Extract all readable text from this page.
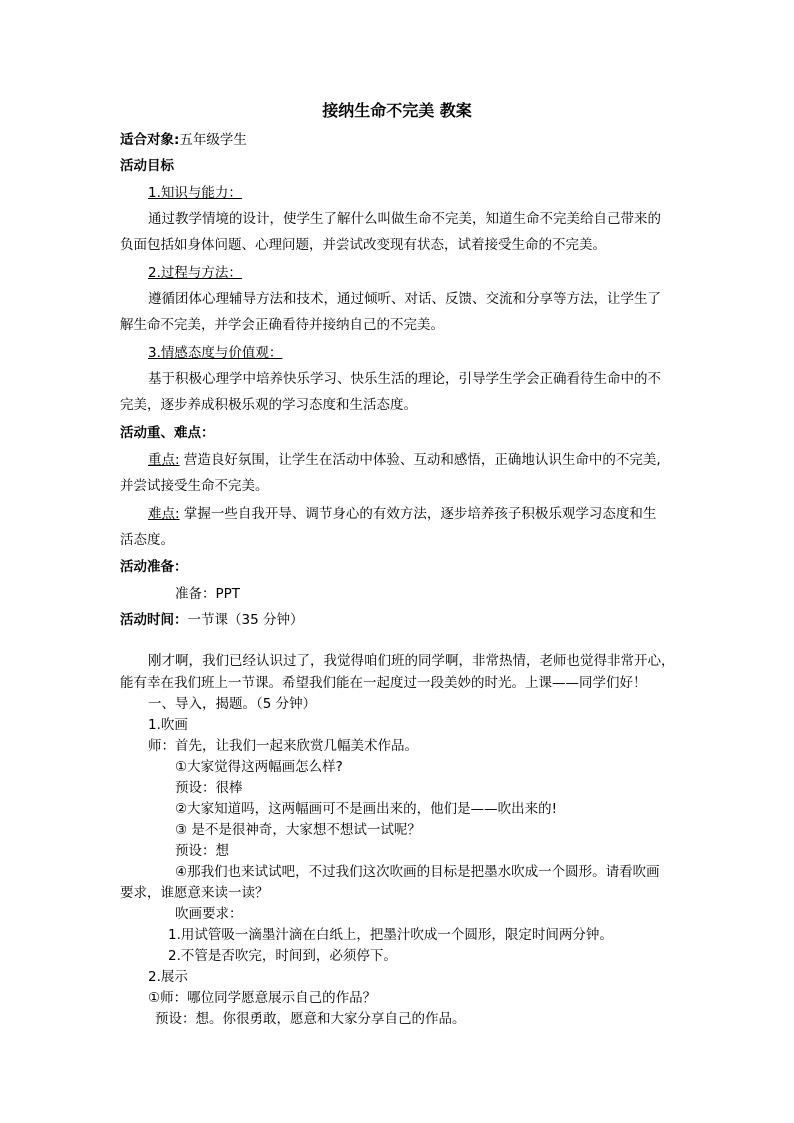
接纳生命不完美 教案
适合对象:五年级学生
活动目标
1.知识与能力：
通过教学情境的设计，使学生了解什么叫做生命不完美，知道生命不完美给自己带来的
负面包括如身体问题、心理问题，并尝试改变现有状态，试着接受生命的不完美。
2.过程与方法：
遵循团体心理辅导方法和技术，通过倾听、对话、反馈、交流和分享等方法，让学生了
解生命不完美，并学会正确看待并接纳自己的不完美。
3.情感态度与价值观：
基于积极心理学中培养快乐学习、快乐生活的理论，引导学生学会正确看待生命中的不
完美，逐步养成积极乐观的学习态度和生活态度。
活动重、难点：
重点: 营造良好氛围，让学生在活动中体验、互动和感悟，正确地认识生命中的不完美,
并尝试接受生命不完美。
难点: 掌握一些自我开导、调节身心的有效方法，逐步培养孩子积极乐观学习态度和生
活态度。
活动准备：
准备：PPT
活动时间：一节课（35 分钟）
刚才啊，我们已经认识过了，我觉得咱们班的同学啊，非常热情，老师也觉得非常开心，
能有幸在我们班上一节课。希望我们能在一起度过一段美妙的时光。上课——同学们好！
一、导入，揭题。（5 分钟）
1.吹画
师：首先，让我们一起来欣赏几幅美术作品。
①大家觉得这两幅画怎么样?
预设：很棒
②大家知道吗，这两幅画可不是画出来的，他们是——吹出来的!
③ 是不是很神奇，大家想不想试一试呢？
预设：想
④那我们也来试试吧，不过我们这次吹画的目标是把墨水吹成一个圆形。请看吹画
要求，谁愿意来读一读？
吹画要求：
1.用试管吸一滴墨汁滴在白纸上，把墨汁吹成一个圆形，限定时间两分钟。
2.不管是否吹完，时间到，必须停下。
2.展示
①师：哪位同学愿意展示自己的作品？
预设：想。你很勇敢，愿意和大家分享自己的作品。
